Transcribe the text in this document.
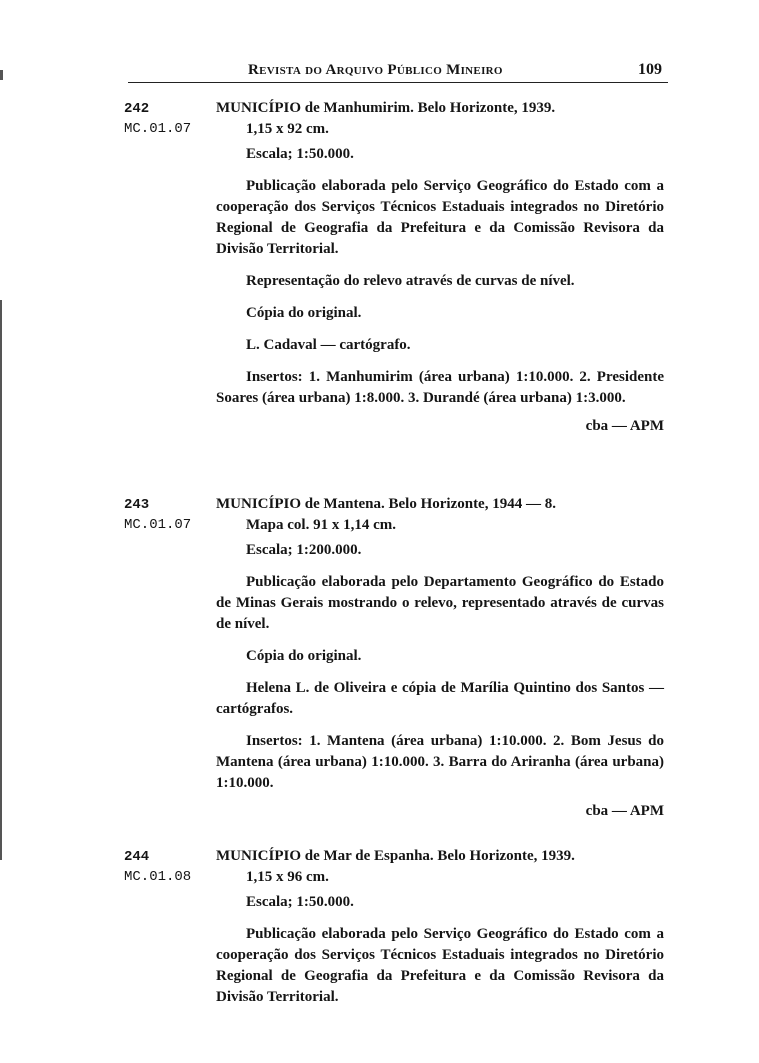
Revista do Arquivo Público Mineiro	109
242
MC.01.07

MUNICÍPIO de Manhumirim. Belo Horizonte, 1939.
1,15 x 92 cm.

Escala; 1:50.000.

Publicação elaborada pelo Serviço Geográfico do Estado com a cooperação dos Serviços Técnicos Estaduais integrados no Diretório Regional de Geografia da Prefeitura e da Comissão Revisora da Divisão Territorial.

Representação do relevo através de curvas de nível.

Cópia do original.

L. Cadaval — cartógrafo.

Insertos: 1. Manhumirim (área urbana) 1:10.000. 2. Presidente Soares (área urbana) 1:8.000. 3. Durandé (área urbana) 1:3.000.

cba — APM

243
MC.01.07

MUNICÍPIO de Mantena. Belo Horizonte, 1944 — 8.
Mapa col. 91 x 1,14 cm.

Escala; 1:200.000.

Publicação elaborada pelo Departamento Geográfico do Estado de Minas Gerais mostrando o relevo, representado através de curvas de nível.

Cópia do original.

Helena L. de Oliveira e cópia de Marília Quintino dos Santos — cartógrafos.

Insertos: 1. Mantena (área urbana) 1:10.000. 2. Bom Jesus do Mantena (área urbana) 1:10.000. 3. Barra do Ariranha (área urbana) 1:10.000.

cba — APM

244
MC.01.08

MUNICÍPIO de Mar de Espanha. Belo Horizonte, 1939.
1,15 x 96 cm.

Escala; 1:50.000.

Publicação elaborada pelo Serviço Geográfico do Estado com a cooperação dos Serviços Técnicos Estaduais integrados no Diretório Regional de Geografia da Prefeitura e da Comissão Revisora da Divisão Territorial.
